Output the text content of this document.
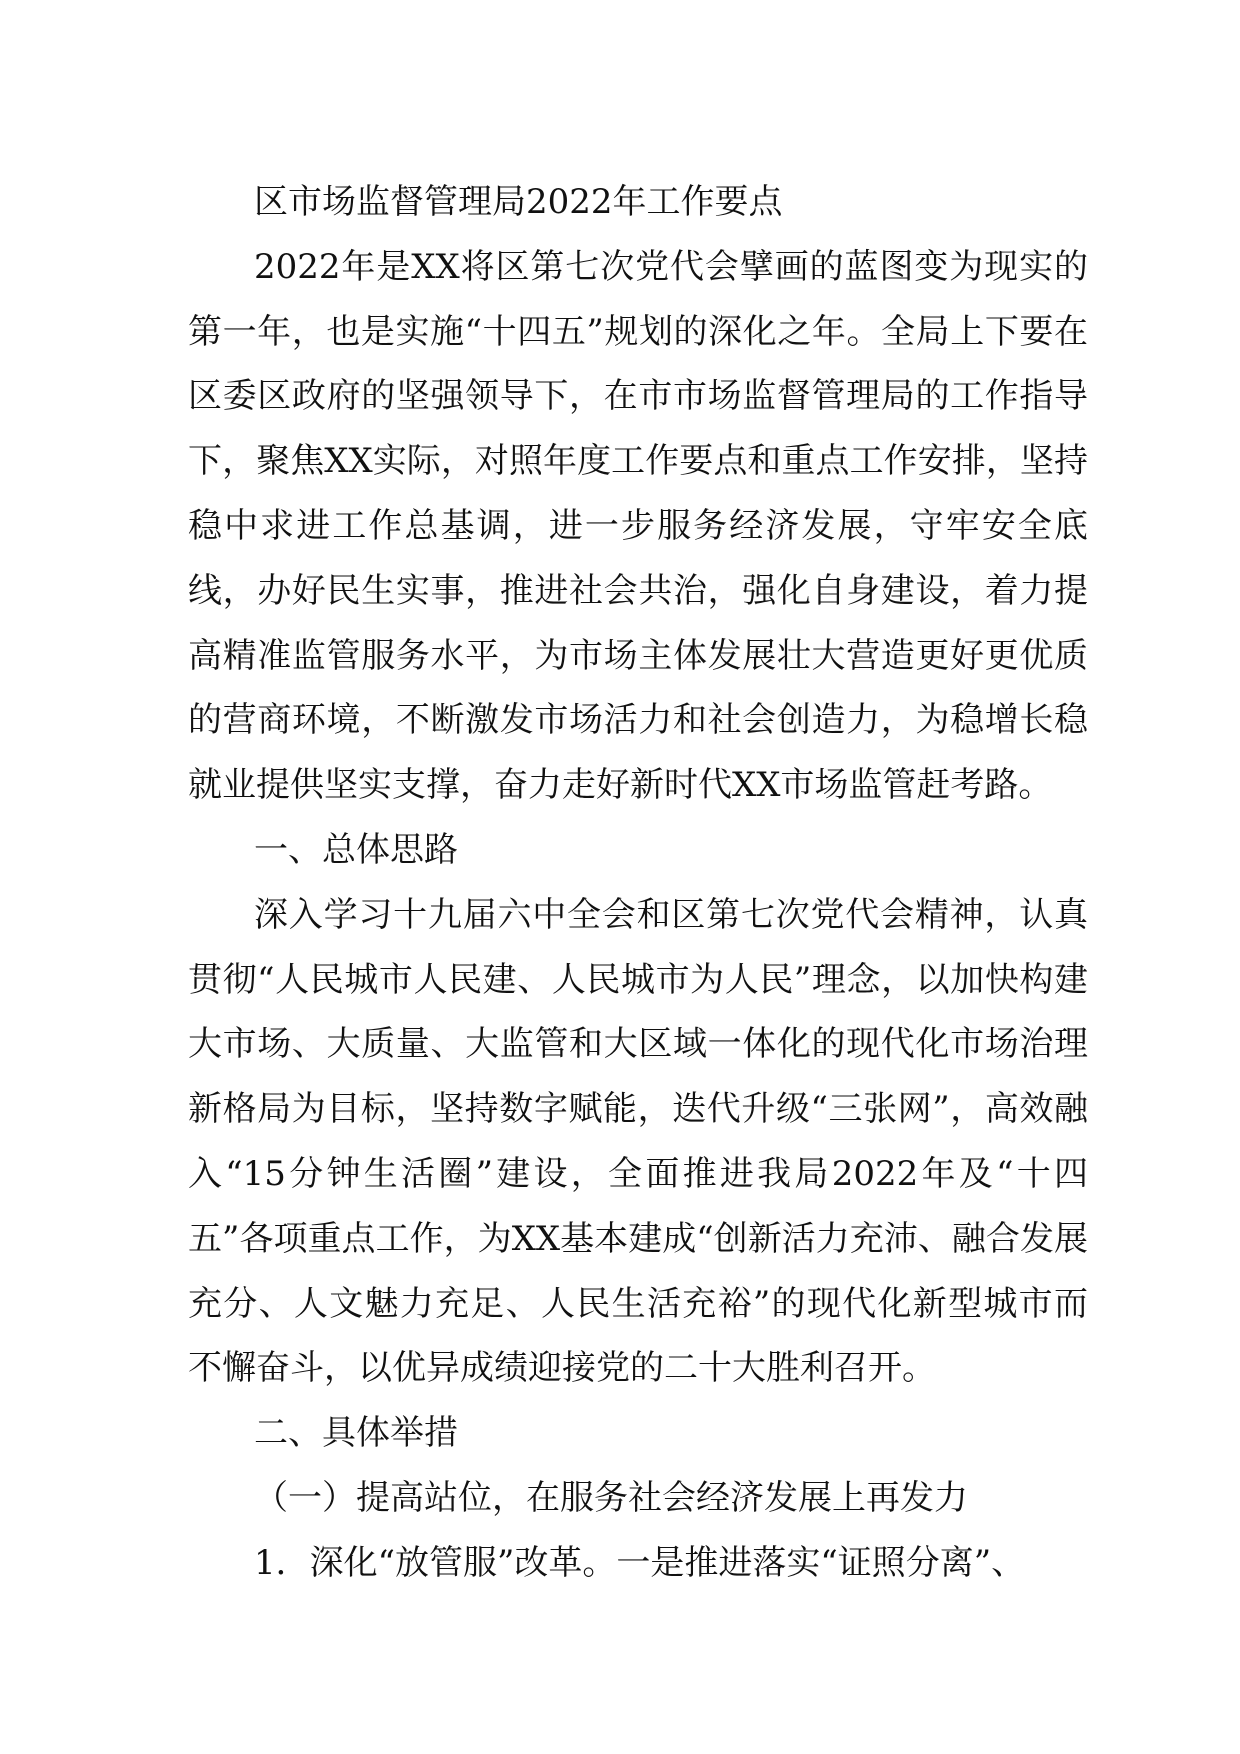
区市场监督管理局2022年工作要点

2022年是XX将区第七次党代会擘画的蓝图变为现实的第一年，也是实施“十四五”规划的深化之年。全局上下要在区委区政府的坚强领导下，在市市场监督管理局的工作指导下，聚焦XX实际，对照年度工作要点和重点工作安排，坚持稳中求进工作总基调，进一步服务经济发展，守牢安全底线，办好民生实事，推进社会共治，强化自身建设，着力提高精准监管服务水平，为市场主体发展壮大营造更好更优质的营商环境，不断激发市场活力和社会创造力，为稳增长稳就业提供坚实支撑，奋力走好新时代XX市场监管赶考路。

一、总体思路

深入学习十九届六中全会和区第七次党代会精神，认真贯彻“人民城市人民建、人民城市为人民”理念，以加快构建大市场、大质量、大监管和大区域一体化的现代化市场治理新格局为目标，坚持数字赋能，迭代升级“三张网”，高效融入“15分钟生活圈”建设，全面推进我局2022年及“十四五”各项重点工作，为XX基本建成“创新活力充沛、融合发展充分、人文魅力充足、人民生活充裕”的现代化新型城市而不懈奋斗，以优异成绩迎接党的二十大胜利召开。

二、具体举措

（一）提高站位，在服务社会经济发展上再发力

1．深化“放管服”改革。一是推进落实“证照分离”、
